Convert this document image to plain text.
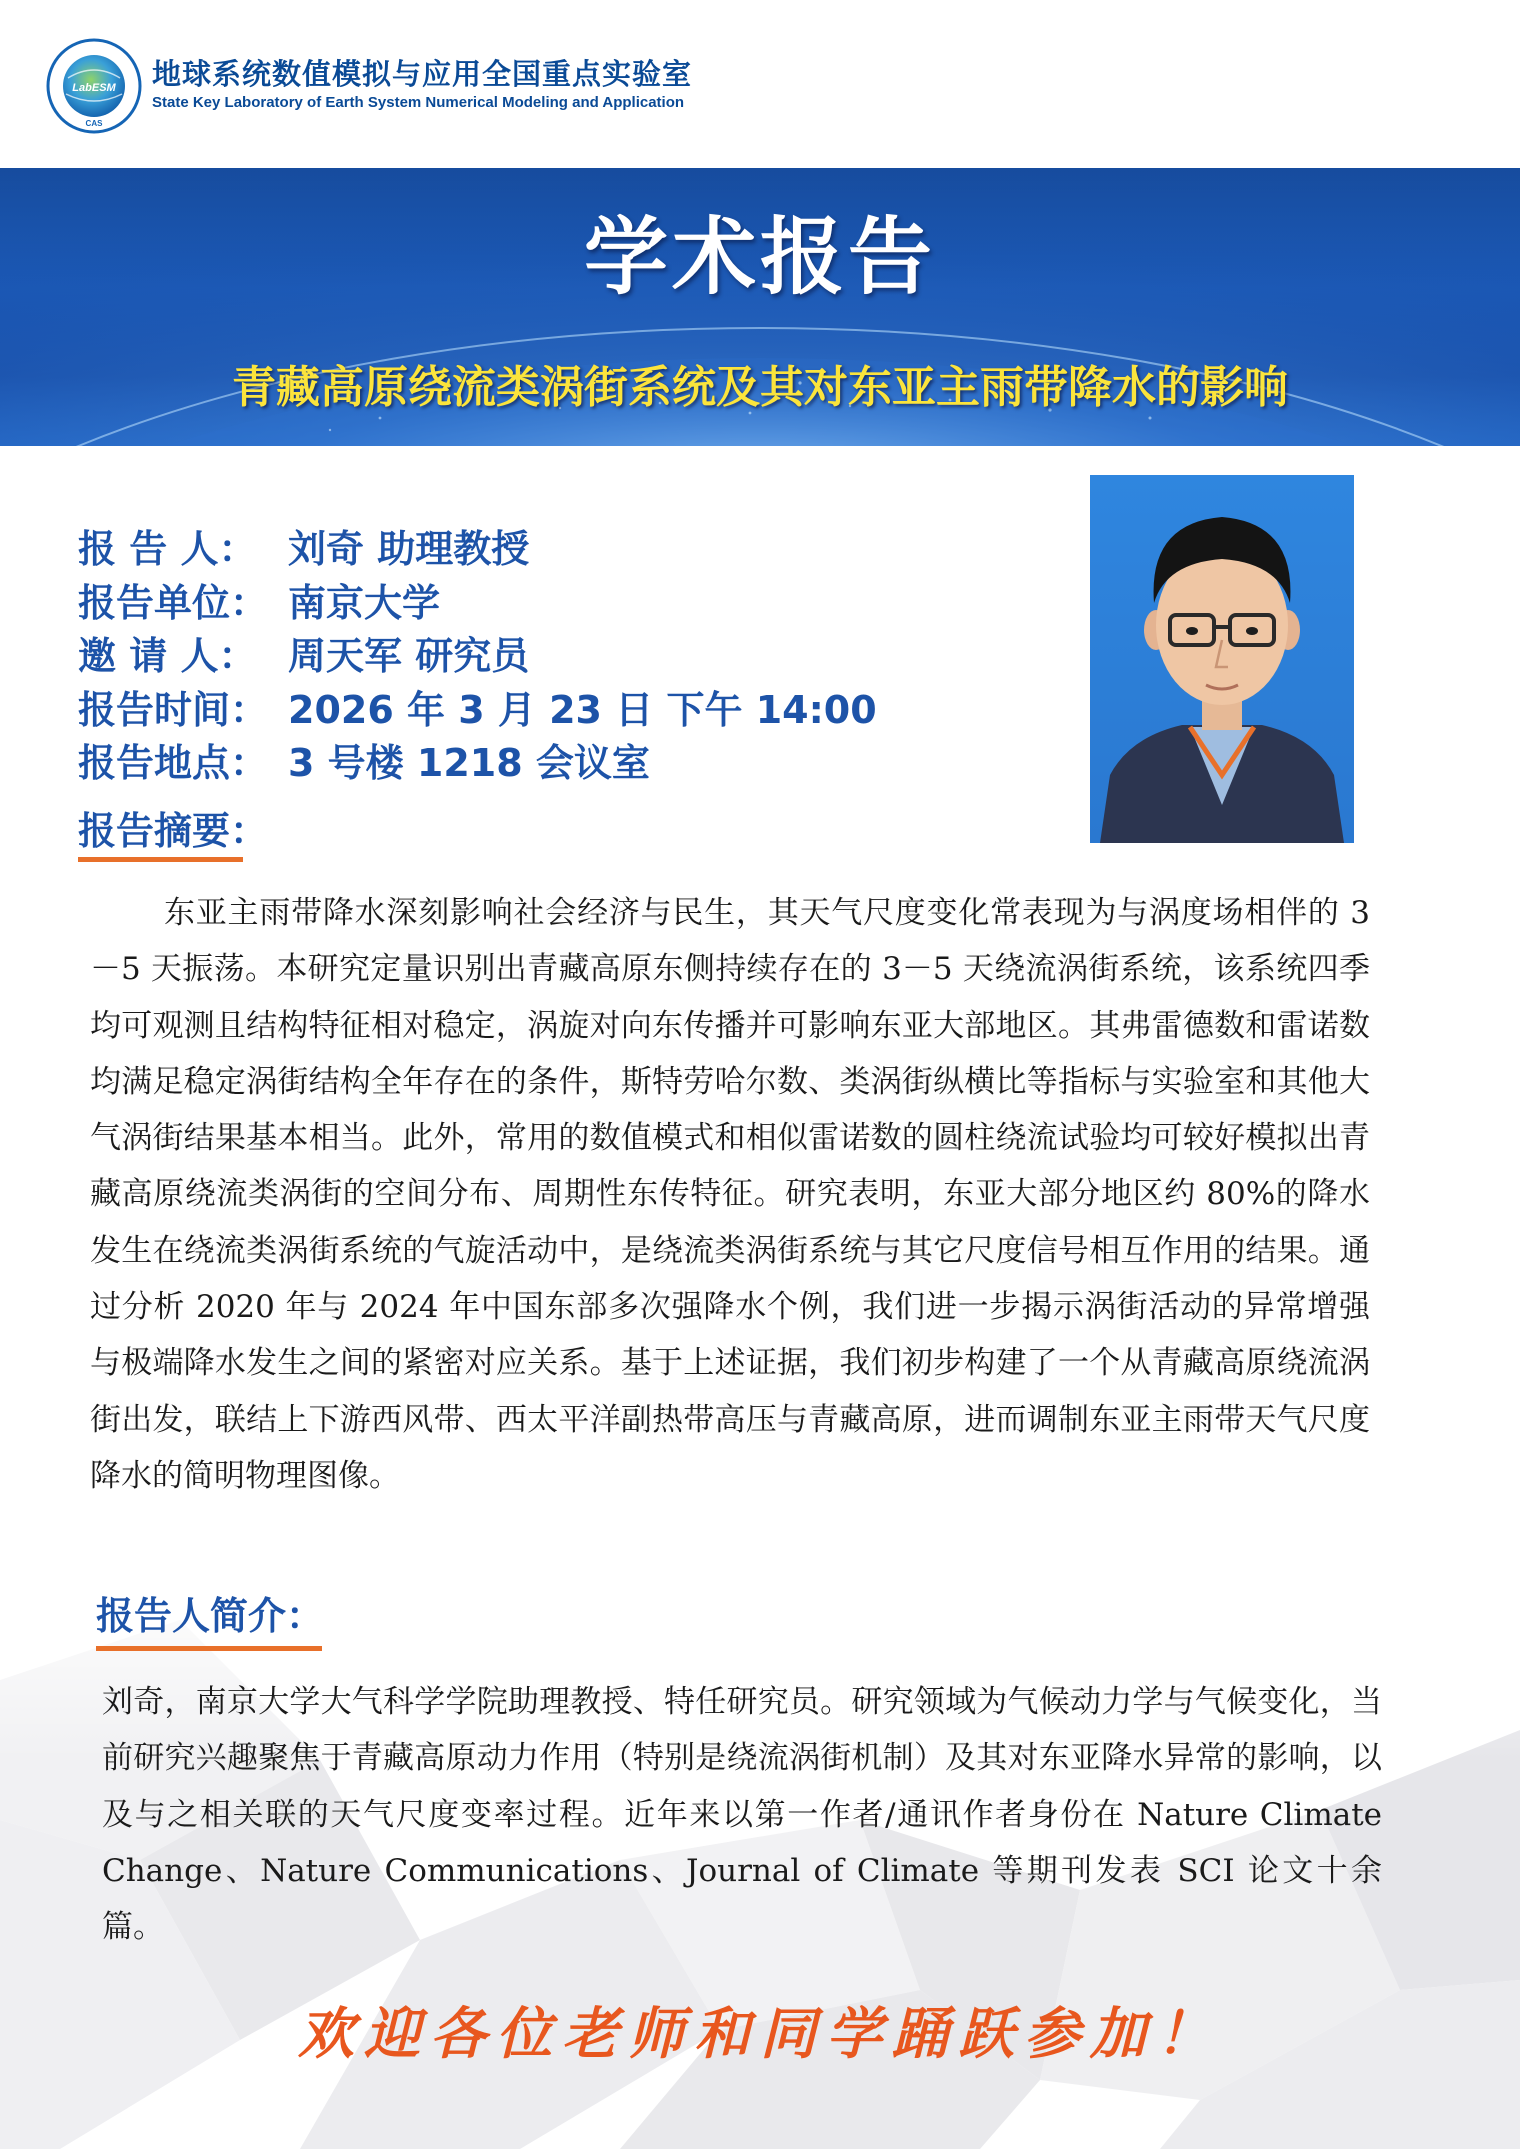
LabESM
CAS
地球系统数值模拟与应用全国重点实验室
State Key Laboratory of Earth System Numerical Modeling and Application
学术报告
青藏高原绕流类涡街系统及其对东亚主雨带降水的影响
报 告 人： 刘奇 助理教授
报告单位： 南京大学
邀 请 人： 周天军 研究员
报告时间： 2026 年 3 月 23 日 下午 14:00
报告地点： 3 号楼 1218 会议室
报告摘要：

东亚主雨带降水深刻影响社会经济与民生，其天气尺度变化常表现为与涡度场相伴的 3－5 天振荡。本研究定量识别出青藏高原东侧持续存在的 3－5 天绕流涡街系统，该系统四季均可观测且结构特征相对稳定，涡旋对向东传播并可影响东亚大部地区。其弗雷德数和雷诺数均满足稳定涡街结构全年存在的条件，斯特劳哈尔数、类涡街纵横比等指标与实验室和其他大气涡街结果基本相当。此外，常用的数值模式和相似雷诺数的圆柱绕流试验均可较好模拟出青藏高原绕流类涡街的空间分布、周期性东传特征。研究表明，东亚大部分地区约 80%的降水发生在绕流类涡街系统的气旋活动中，是绕流类涡街系统与其它尺度信号相互作用的结果。通过分析 2020 年与 2024 年中国东部多次强降水个例，我们进一步揭示涡街活动的异常增强与极端降水发生之间的紧密对应关系。基于上述证据，我们初步构建了一个从青藏高原绕流涡街出发，联结上下游西风带、西太平洋副热带高压与青藏高原，进而调制东亚主雨带天气尺度降水的简明物理图像。

报告人简介：

刘奇，南京大学大气科学学院助理教授、特任研究员。研究领域为气候动力学与气候变化，当前研究兴趣聚焦于青藏高原动力作用（特别是绕流涡街机制）及其对东亚降水异常的影响，以及与之相关联的天气尺度变率过程。近年来以第一作者/通讯作者身份在 Nature Climate Change、Nature Communications、Journal of Climate 等期刊发表 SCI 论文十余篇。

欢迎各位老师和同学踊跃参加！
